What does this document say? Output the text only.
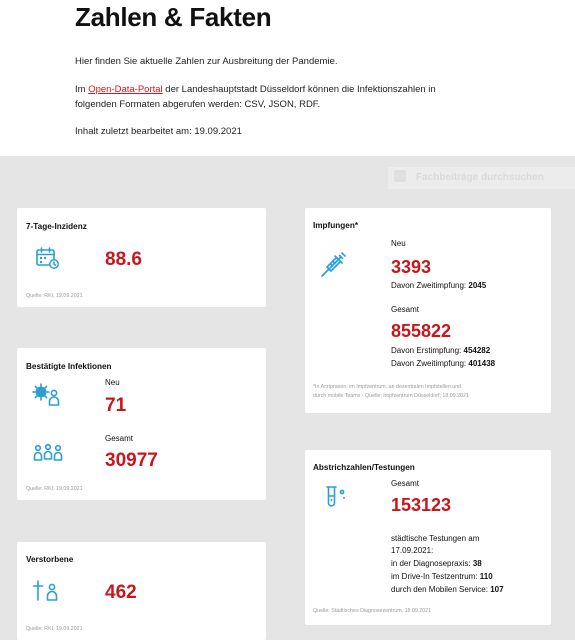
Zahlen & Fakten
Hier finden Sie aktuelle Zahlen zur Ausbreitung der Pandemie.
Im Open-Data-Portal der Landeshauptstadt Düsseldorf können die Infektionszahlen in
folgenden Formaten abgerufen werden: CSV, JSON, RDF.
Inhalt zuletzt bearbeitet am: 19.09.2021
Fachbeiträge durchsuchen
7-Tage-Inzidenz
88.6
Quelle: RKI, 19.09.2021
Bestätigte Infektionen
Neu
71
Gesamt
30977
Quelle: RKI, 19.09.2021
Verstorbene
462
Quelle: RKI, 19.09.2021
Impfungen*
Neu
3393
Davon Zweitimpfung: 2045
Gesamt
855822
Davon Erstimpfung: 454282
Davon Zweitimpfung: 401438
*In Arztpraxen, im Impfzentrum, an dezentralen Impfstellen und
durch mobile Teams - Quelle: Impfzentrum Düsseldorf, 18.09.2021
Abstrichzahlen/Testungen
Gesamt
153123
städtische Testungen am
17.09.2021:
in der Diagnosepraxis: 38
im Drive-In Testzentrum: 110
durch den Mobilen Service: 107
Quelle: Städtisches Diagnosezentrum, 18.09.2021
